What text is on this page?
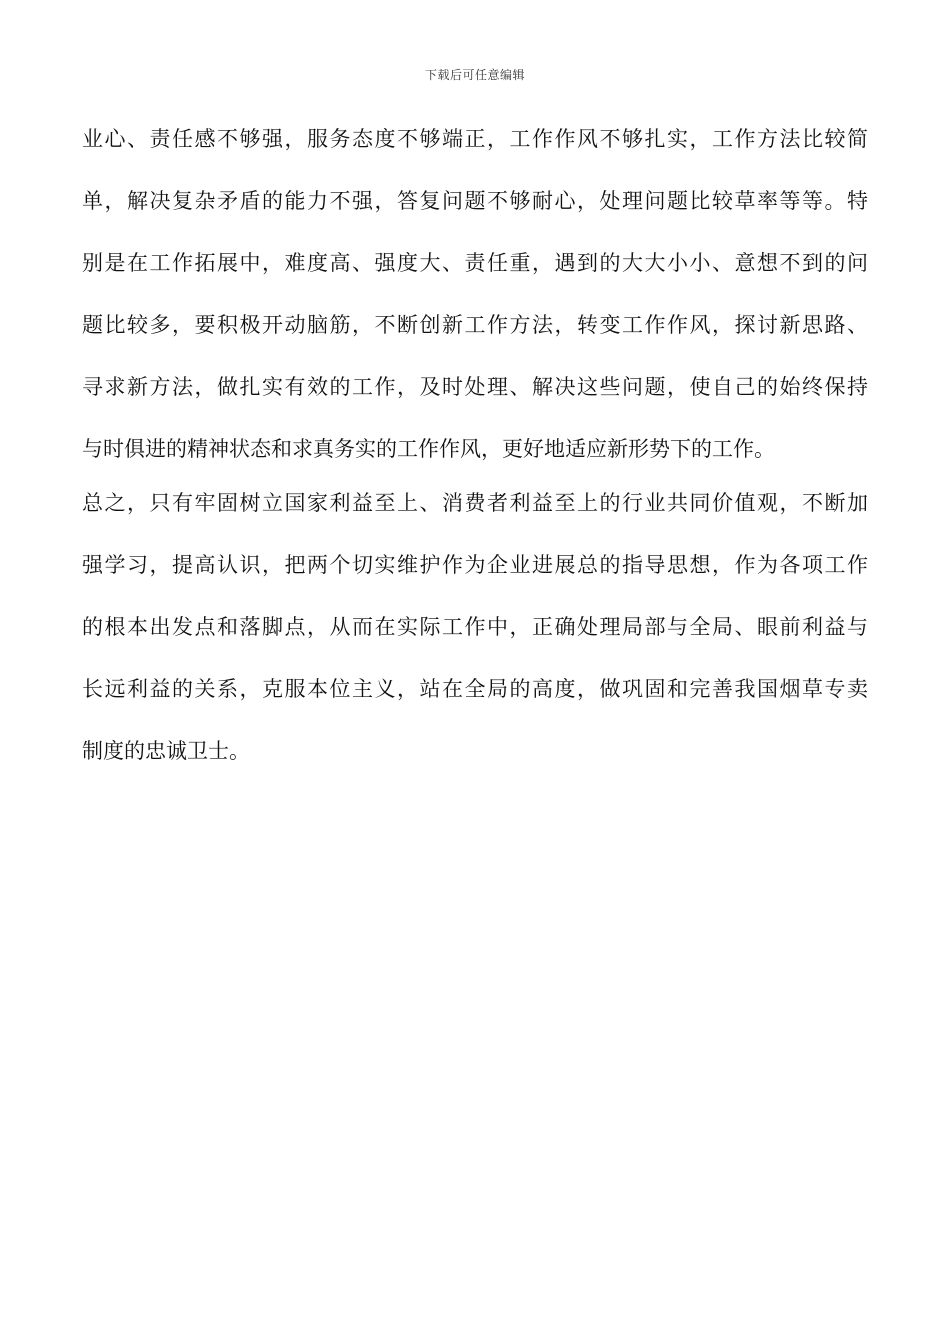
下载后可任意编辑
业心、责任感不够强，服务态度不够端正，工作作风不够扎实，工作方法比较简
单，解决复杂矛盾的能力不强，答复问题不够耐心，处理问题比较草率等等。特
别是在工作拓展中，难度高、强度大、责任重，遇到的大大小小、意想不到的问
题比较多，要积极开动脑筋，不断创新工作方法，转变工作作风，探讨新思路、
寻求新方法，做扎实有效的工作，及时处理、解决这些问题，使自己的始终保持
与时俱进的精神状态和求真务实的工作作风，更好地适应新形势下的工作。
总之，只有牢固树立国家利益至上、消费者利益至上的行业共同价值观，不断加
强学习，提高认识，把两个切实维护作为企业进展总的指导思想，作为各项工作
的根本出发点和落脚点，从而在实际工作中，正确处理局部与全局、眼前利益与
长远利益的关系，克服本位主义，站在全局的高度，做巩固和完善我国烟草专卖
制度的忠诚卫士。
